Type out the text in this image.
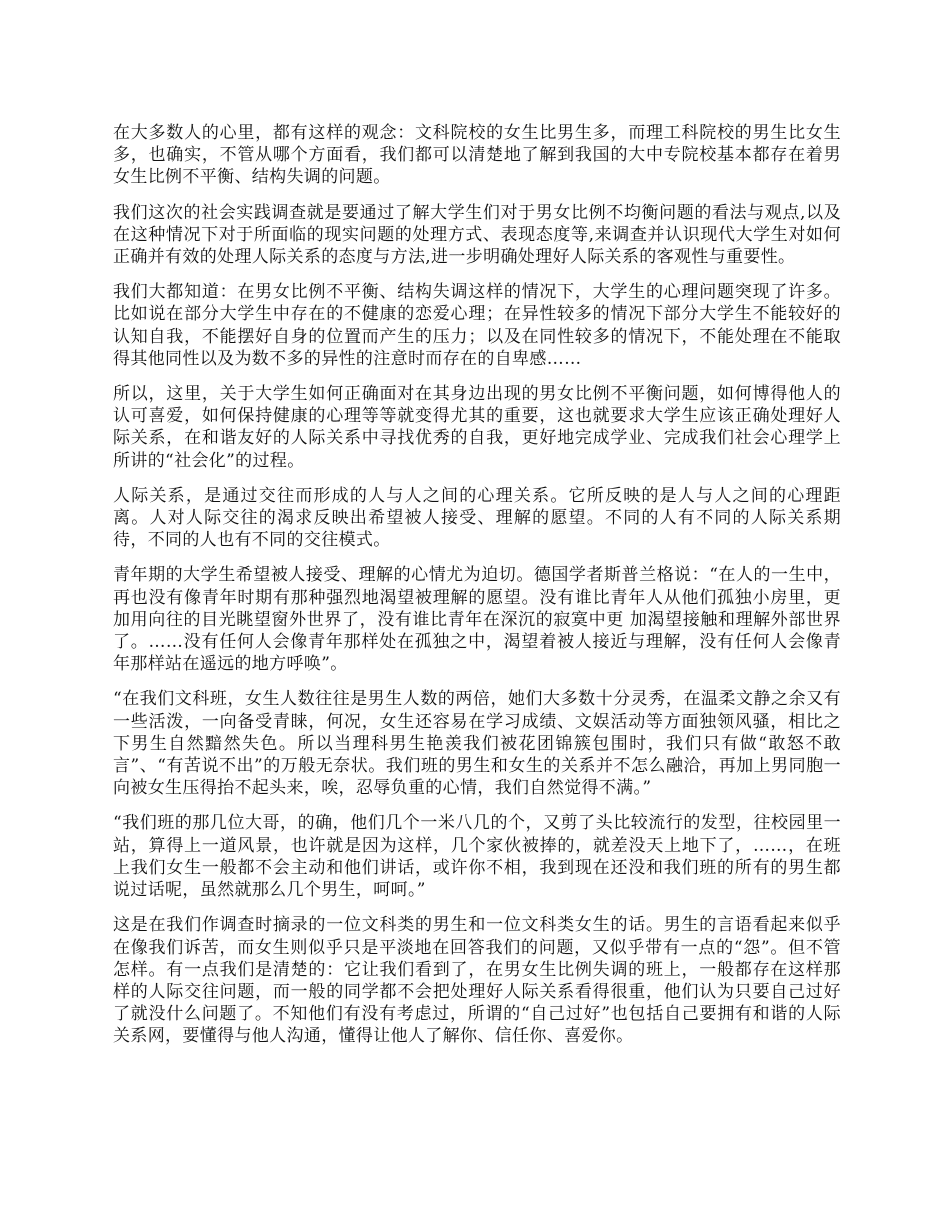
在大多数人的心里，都有这样的观念：文科院校的女生比男生多，而理工科院校的男生比女生多，也确实，不管从哪个方面看，我们都可以清楚地了解到我国的大中专院校基本都存在着男女生比例不平衡、结构失调的问题。

我们这次的社会实践调查就是要通过了解大学生们对于男女比例不均衡问题的看法与观点,以及在这种情况下对于所面临的现实问题的处理方式、表现态度等,来调查并认识现代大学生对如何正确并有效的处理人际关系的态度与方法,进一步明确处理好人际关系的客观性与重要性。

我们大都知道：在男女比例不平衡、结构失调这样的情况下，大学生的心理问题突现了许多。比如说在部分大学生中存在的不健康的恋爱心理；在异性较多的情况下部分大学生不能较好的认知自我，不能摆好自身的位置而产生的压力；以及在同性较多的情况下，不能处理在不能取得其他同性以及为数不多的异性的注意时而存在的自卑感……

所以，这里，关于大学生如何正确面对在其身边出现的男女比例不平衡问题，如何博得他人的认可喜爱，如何保持健康的心理等等就变得尤其的重要，这也就要求大学生应该正确处理好人际关系，在和谐友好的人际关系中寻找优秀的自我，更好地完成学业、完成我们社会心理学上所讲的“社会化”的过程。

人际关系，是通过交往而形成的人与人之间的心理关系。它所反映的是人与人之间的心理距离。人对人际交往的渴求反映出希望被人接受、理解的愿望。不同的人有不同的人际关系期待，不同的人也有不同的交往模式。

青年期的大学生希望被人接受、理解的心情尤为迫切。德国学者斯普兰格说：“在人的一生中，再也没有像青年时期有那种强烈地渴望被理解的愿望。没有谁比青年人从他们孤独小房里，更加用向往的目光眺望窗外世界了，没有谁比青年在深沉的寂寞中更 加渴望接触和理解外部世界了。……没有任何人会像青年那样处在孤独之中，渴望着被人接近与理解，没有任何人会像青年那样站在遥远的地方呼唤”。

“在我们文科班，女生人数往往是男生人数的两倍，她们大多数十分灵秀，在温柔文静之余又有一些活泼，一向备受青睐，何况，女生还容易在学习成绩、文娱活动等方面独领风骚，相比之下男生自然黯然失色。所以当理科男生艳羡我们被花团锦簇包围时，我们只有做“敢怒不敢言”、“有苦说不出”的万般无奈状。我们班的男生和女生的关系并不怎么融洽，再加上男同胞一向被女生压得抬不起头来，唉，忍辱负重的心情，我们自然觉得不满。”

“我们班的那几位大哥，的确，他们几个一米八几的个，又剪了头比较流行的发型，往校园里一站，算得上一道风景，也许就是因为这样，几个家伙被捧的，就差没天上地下了，……，在班上我们女生一般都不会主动和他们讲话，或许你不相，我到现在还没和我们班的所有的男生都说过话呢，虽然就那么几个男生，呵呵。”

这是在我们作调查时摘录的一位文科类的男生和一位文科类女生的话。男生的言语看起来似乎在像我们诉苦，而女生则似乎只是平淡地在回答我们的问题，又似乎带有一点的“怨”。但不管怎样。有一点我们是清楚的：它让我们看到了，在男女生比例失调的班上，一般都存在这样那样的人际交往问题，而一般的同学都不会把处理好人际关系看得很重，他们认为只要自己过好了就没什么问题了。不知他们有没有考虑过，所谓的“自己过好”也包括自己要拥有和谐的人际关系网，要懂得与他人沟通，懂得让他人了解你、信任你、喜爱你。
